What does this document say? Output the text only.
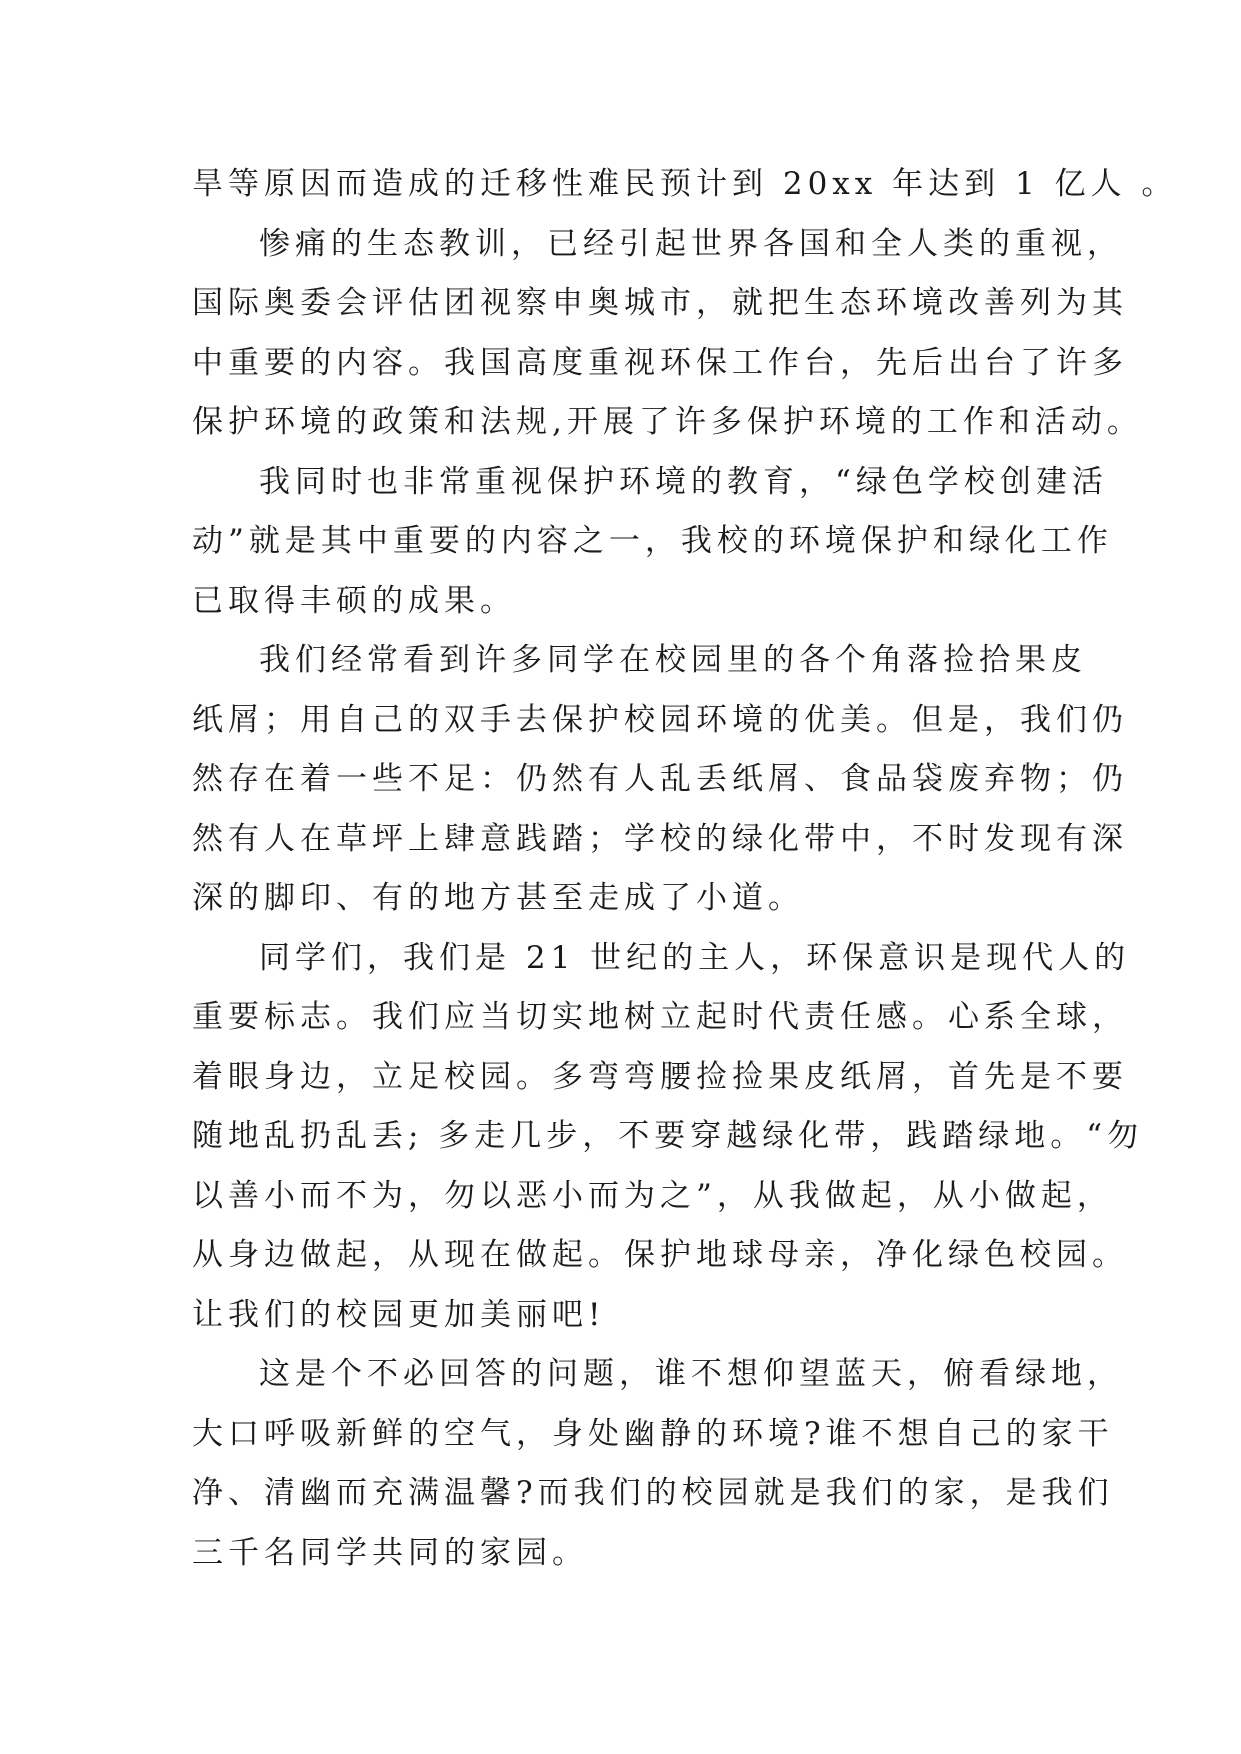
旱等原因而造成的迁移性难民预计到 20xx 年达到 1 亿人 。
惨痛的生态教训，已经引起世界各国和全人类的重视，
国际奥委会评估团视察申奥城市，就把生态环境改善列为其
中重要的内容。我国高度重视环保工作台，先后出台了许多
保护环境的政策和法规,开展了许多保护环境的工作和活动。
我同时也非常重视保护环境的教育，“绿色学校创建活
动”就是其中重要的内容之一，我校的环境保护和绿化工作
已取得丰硕的成果。
我们经常看到许多同学在校园里的各个角落捡拾果皮
纸屑；用自己的双手去保护校园环境的优美。但是，我们仍
然存在着一些不足：仍然有人乱丢纸屑、食品袋废弃物；仍
然有人在草坪上肆意践踏；学校的绿化带中，不时发现有深
深的脚印、有的地方甚至走成了小道。
同学们，我们是 21 世纪的主人，环保意识是现代人的
重要标志。我们应当切实地树立起时代责任感。心系全球，
着眼身边，立足校园。多弯弯腰捡捡果皮纸屑，首先是不要
随地乱扔乱丢; 多走几步，不要穿越绿化带，践踏绿地。“勿
以善小而不为，勿以恶小而为之”，从我做起，从小做起，
从身边做起，从现在做起。保护地球母亲，净化绿色校园。
让我们的校园更加美丽吧!
这是个不必回答的问题，谁不想仰望蓝天，俯看绿地，
大口呼吸新鲜的空气，身处幽静的环境?谁不想自己的家干
净、清幽而充满温馨?而我们的校园就是我们的家，是我们
三千名同学共同的家园。
